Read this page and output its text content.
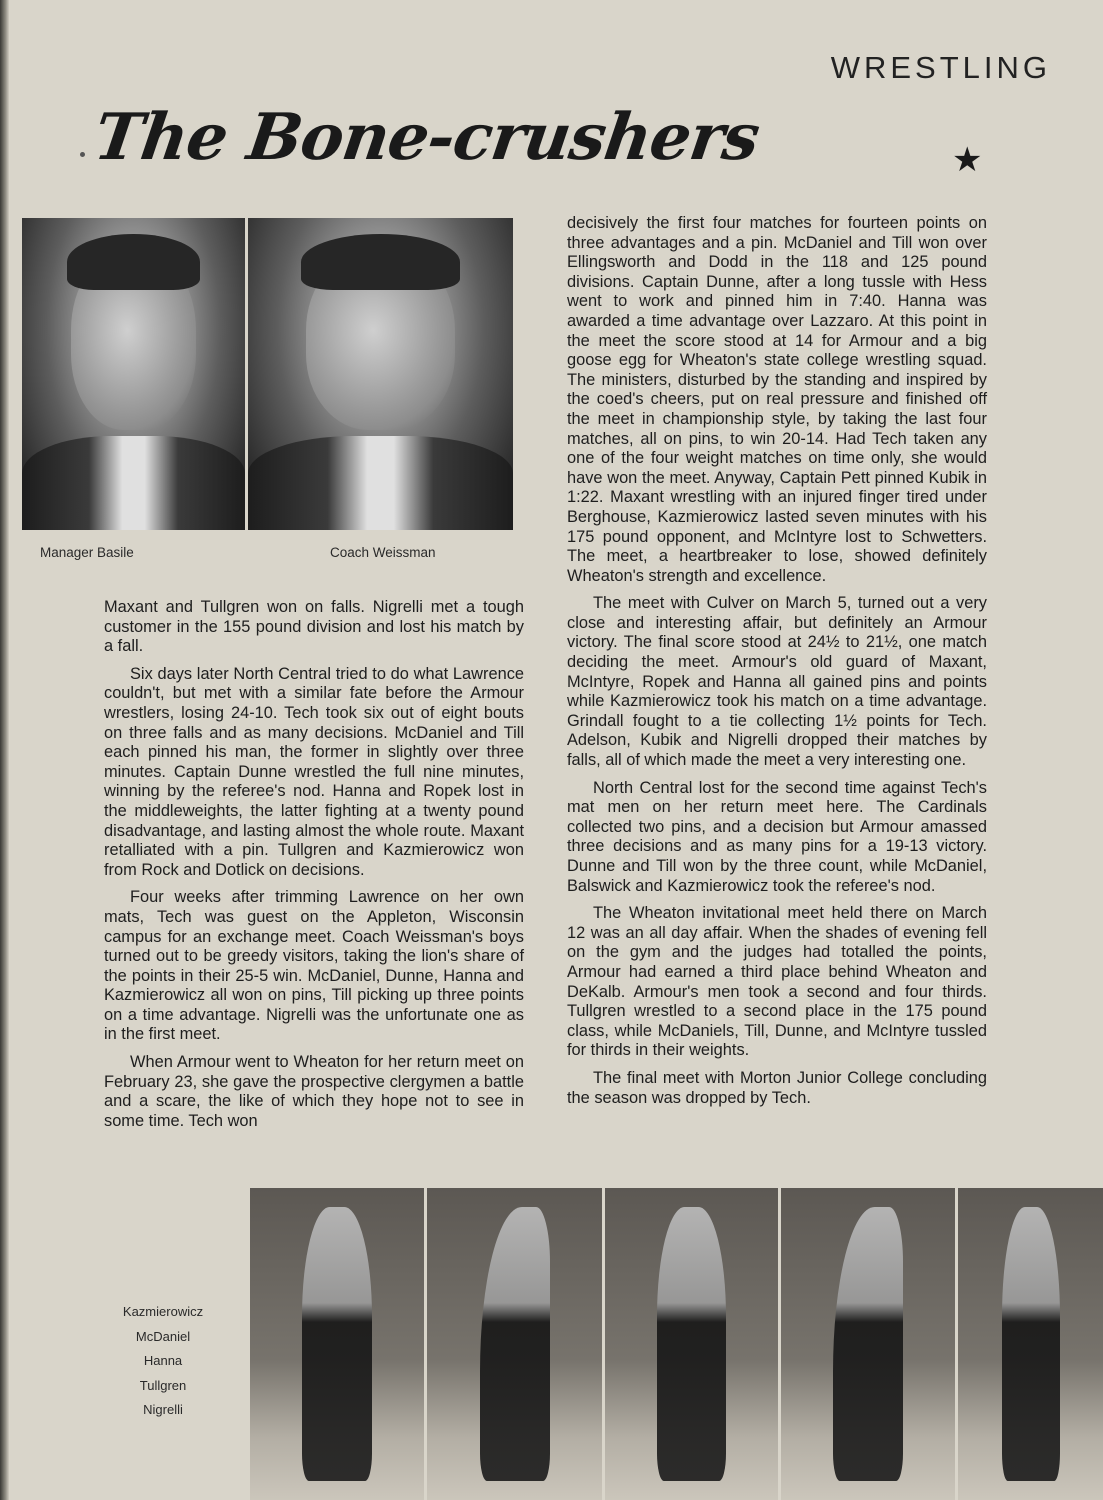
WRESTLING
The Bone-crushers	★
Manager Basile	Coach Weissman

Maxant and Tullgren won on falls. Nigrelli met a tough customer in the 155 pound division and lost his match by a fall.

Six days later North Central tried to do what Lawrence couldn't, but met with a similar fate before the Armour wrestlers, losing 24-10. Tech took six out of eight bouts on three falls and as many decisions. McDaniel and Till each pinned his man, the former in slightly over three minutes. Captain Dunne wrestled the full nine minutes, winning by the referee's nod. Hanna and Ropek lost in the middleweights, the latter fighting at a twenty pound disadvantage, and lasting almost the whole route. Maxant retalliated with a pin. Tullgren and Kazmierowicz won from Rock and Dotlick on decisions.

Four weeks after trimming Lawrence on her own mats, Tech was guest on the Appleton, Wisconsin campus for an exchange meet. Coach Weissman's boys turned out to be greedy visitors, taking the lion's share of the points in their 25-5 win. McDaniel, Dunne, Hanna and Kazmierowicz all won on pins, Till picking up three points on a time advantage. Nigrelli was the unfortunate one as in the first meet.

When Armour went to Wheaton for her return meet on February 23, she gave the prospective clergymen a battle and a scare, the like of which they hope not to see in some time. Tech won

decisively the first four matches for fourteen points on three advantages and a pin. McDaniel and Till won over Ellingsworth and Dodd in the 118 and 125 pound divisions. Captain Dunne, after a long tussle with Hess went to work and pinned him in 7:40. Hanna was awarded a time advantage over Lazzaro. At this point in the meet the score stood at 14 for Armour and a big goose egg for Wheaton's state college wrestling squad. The ministers, disturbed by the standing and inspired by the coed's cheers, put on real pressure and finished off the meet in championship style, by taking the last four matches, all on pins, to win 20-14. Had Tech taken any one of the four weight matches on time only, she would have won the meet. Anyway, Captain Pett pinned Kubik in 1:22. Maxant wrestling with an injured finger tired under Berghouse, Kazmierowicz lasted seven minutes with his 175 pound opponent, and McIntyre lost to Schwetters. The meet, a heartbreaker to lose, showed definitely Wheaton's strength and excellence.

The meet with Culver on March 5, turned out a very close and interesting affair, but definitely an Armour victory. The final score stood at 24½ to 21½, one match deciding the meet. Armour's old guard of Maxant, McIntyre, Ropek and Hanna all gained pins and points while Kazmierowicz took his match on a time advantage. Grindall fought to a tie collecting 1½ points for Tech. Adelson, Kubik and Nigrelli dropped their matches by falls, all of which made the meet a very interesting one.

North Central lost for the second time against Tech's mat men on her return meet here. The Cardinals collected two pins, and a decision but Armour amassed three decisions and as many pins for a 19-13 victory. Dunne and Till won by the three count, while McDaniel, Balswick and Kazmierowicz took the referee's nod.

The Wheaton invitational meet held there on March 12 was an all day affair. When the shades of evening fell on the gym and the judges had totalled the points, Armour had earned a third place behind Wheaton and DeKalb. Armour's men took a second and four thirds. Tullgren wrestled to a second place in the 175 pound class, while McDaniels, Till, Dunne, and McIntyre tussled for thirds in their weights.

The final meet with Morton Junior College concluding the season was dropped by Tech.

Kazmierowicz
McDaniel
Hanna
Tullgren
Nigrelli
